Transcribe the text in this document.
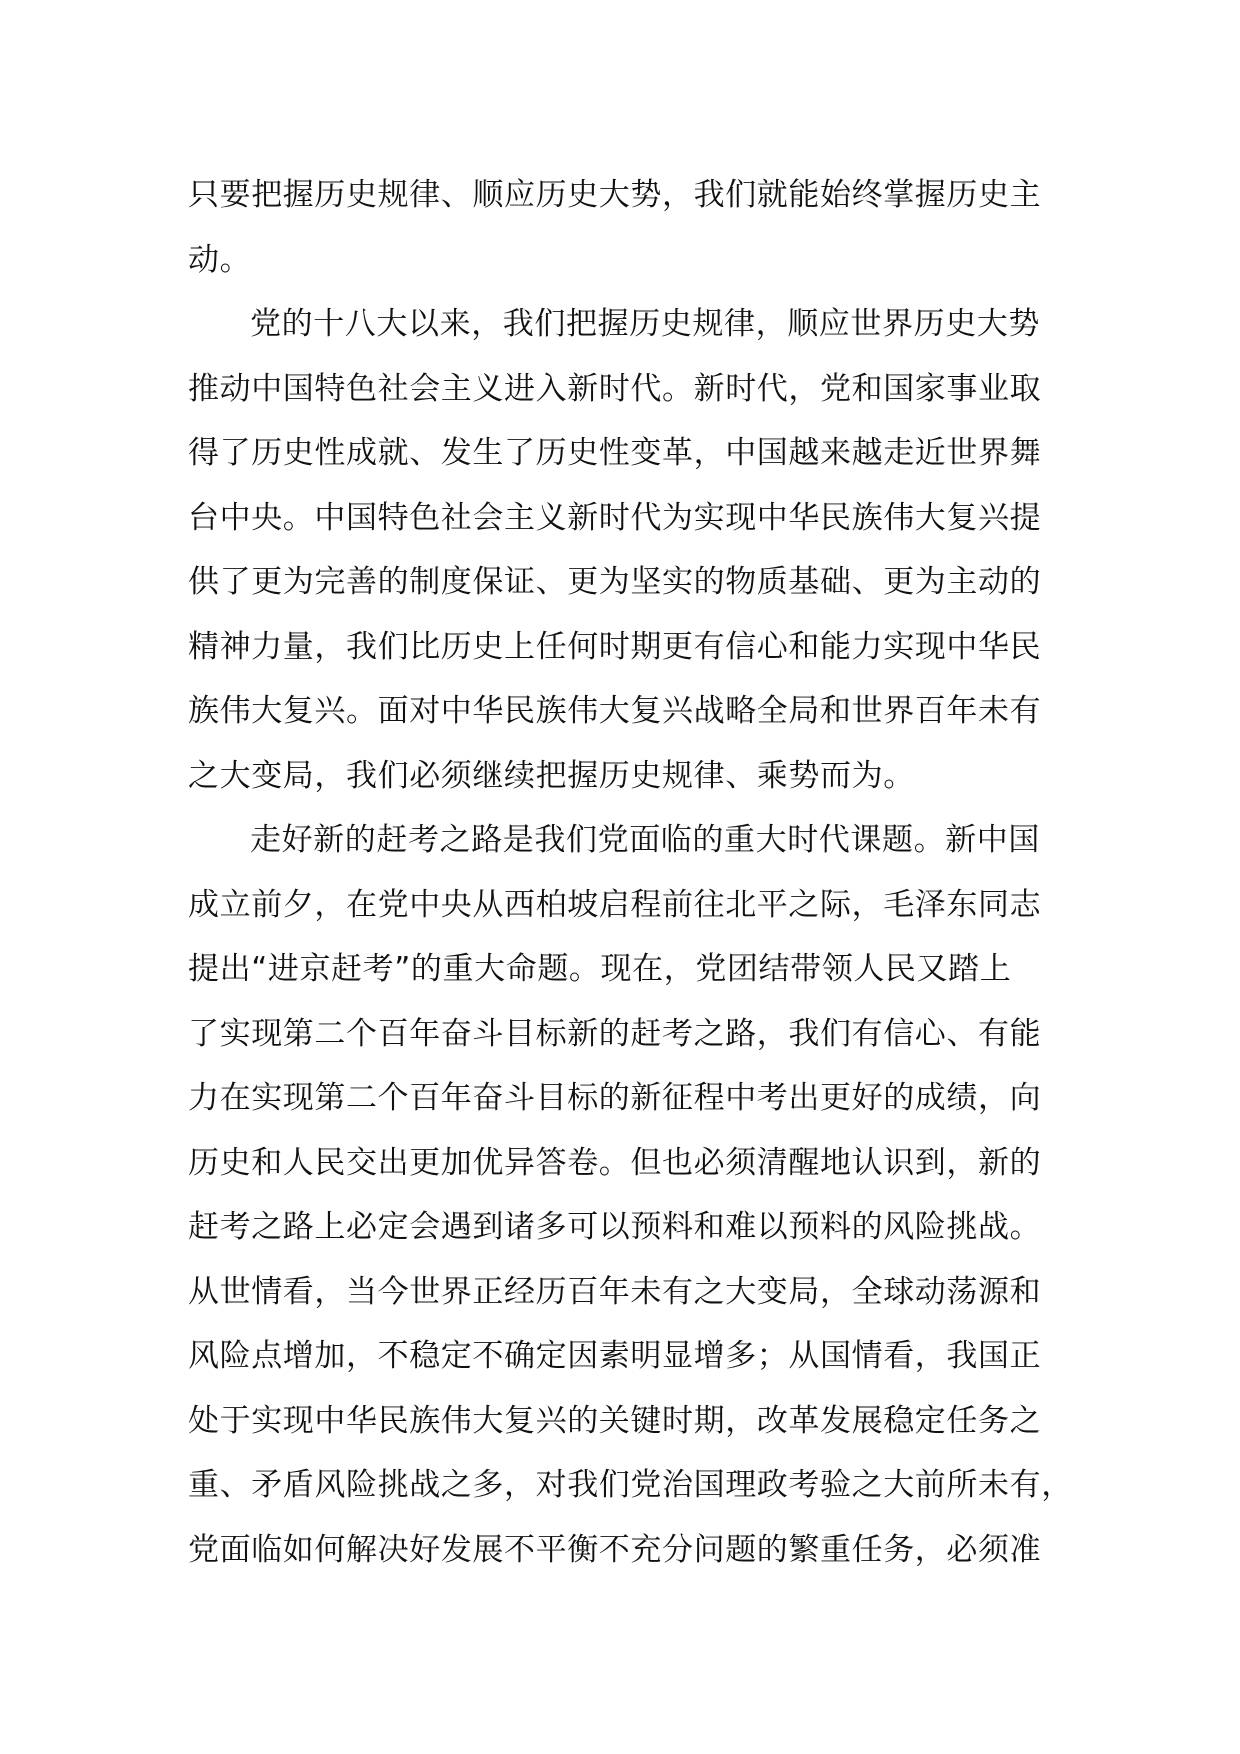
只要把握历史规律、顺应历史大势，我们就能始终掌握历史主
动。
党的十八大以来，我们把握历史规律，顺应世界历史大势
推动中国特色社会主义进入新时代。新时代，党和国家事业取
得了历史性成就、发生了历史性变革，中国越来越走近世界舞
台中央。中国特色社会主义新时代为实现中华民族伟大复兴提
供了更为完善的制度保证、更为坚实的物质基础、更为主动的
精神力量，我们比历史上任何时期更有信心和能力实现中华民
族伟大复兴。面对中华民族伟大复兴战略全局和世界百年未有
之大变局，我们必须继续把握历史规律、乘势而为。
走好新的赶考之路是我们党面临的重大时代课题。新中国
成立前夕，在党中央从西柏坡启程前往北平之际，毛泽东同志
提出“进京赶考”的重大命题。现在，党团结带领人民又踏上
了实现第二个百年奋斗目标新的赶考之路，我们有信心、有能
力在实现第二个百年奋斗目标的新征程中考出更好的成绩，向
历史和人民交出更加优异答卷。但也必须清醒地认识到，新的
赶考之路上必定会遇到诸多可以预料和难以预料的风险挑战。
从世情看，当今世界正经历百年未有之大变局，全球动荡源和
风险点增加，不稳定不确定因素明显增多；从国情看，我国正
处于实现中华民族伟大复兴的关键时期，改革发展稳定任务之
重、矛盾风险挑战之多，对我们党治国理政考验之大前所未有，
党面临如何解决好发展不平衡不充分问题的繁重任务，必须准
